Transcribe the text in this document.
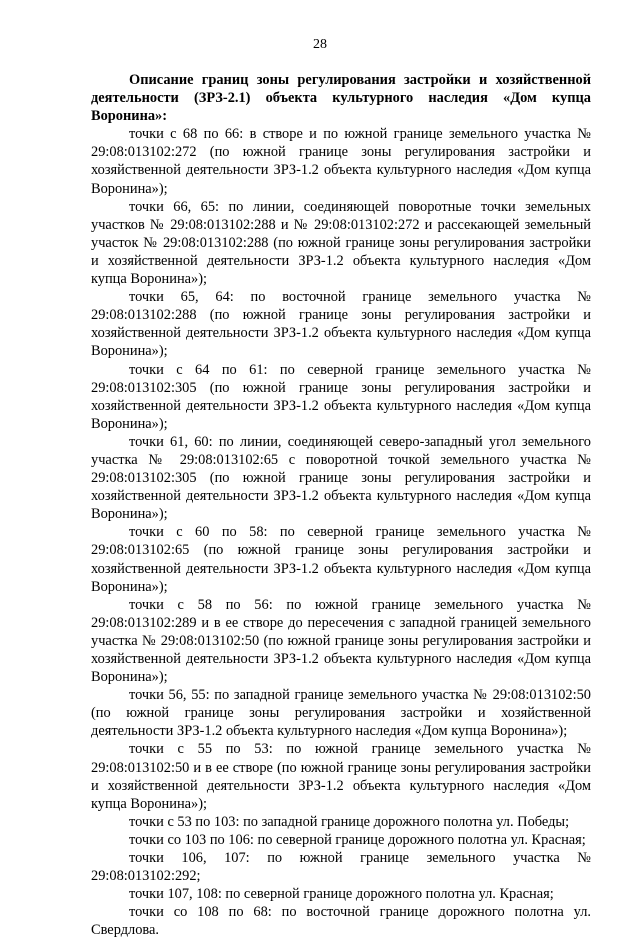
28

Описание границ зоны регулирования застройки и хозяйственной деятельности (ЗРЗ-2.1) объекта культурного наследия «Дом купца Воронина»:

точки с 68 по 66: в створе и по южной границе земельного участка № 29:08:013102:272 (по южной границе зоны регулирования застройки и хозяйственной деятельности ЗРЗ-1.2 объекта культурного наследия «Дом купца Воронина»);

точки 66, 65: по линии, соединяющей поворотные точки земельных участков № 29:08:013102:288 и № 29:08:013102:272 и рассекающей земельный участок № 29:08:013102:288 (по южной границе зоны регулирования застройки и хозяйственной деятельности ЗРЗ-1.2 объекта культурного наследия «Дом купца Воронина»);

точки 65, 64: по восточной границе земельного участка № 29:08:013102:288 (по южной границе зоны регулирования застройки и хозяйственной деятельности ЗРЗ-1.2 объекта культурного наследия «Дом купца Воронина»);

точки с 64 по 61: по северной границе земельного участка № 29:08:013102:305 (по южной границе зоны регулирования застройки и хозяйственной деятельности ЗРЗ-1.2 объекта культурного наследия «Дом купца Воронина»);

точки 61, 60: по линии, соединяющей северо-западный угол земельного участка № 29:08:013102:65 с поворотной точкой земельного участка № 29:08:013102:305 (по южной границе зоны регулирования застройки и хозяйственной деятельности ЗРЗ-1.2 объекта культурного наследия «Дом купца Воронина»);

точки с 60 по 58: по северной границе земельного участка № 29:08:013102:65 (по южной границе зоны регулирования застройки и хозяйственной деятельности ЗРЗ-1.2 объекта культурного наследия «Дом купца Воронина»);

точки с 58 по 56: по южной границе земельного участка № 29:08:013102:289 и в ее створе до пересечения с западной границей земельного участка № 29:08:013102:50 (по южной границе зоны регулирования застройки и хозяйственной деятельности ЗРЗ-1.2 объекта культурного наследия «Дом купца Воронина»);

точки 56, 55: по западной границе земельного участка № 29:08:013102:50 (по южной границе зоны регулирования застройки и хозяйственной деятельности ЗРЗ-1.2 объекта культурного наследия «Дом купца Воронина»);

точки с 55 по 53: по южной границе земельного участка № 29:08:013102:50 и в ее створе (по южной границе зоны регулирования застройки и хозяйственной деятельности ЗРЗ-1.2 объекта культурного наследия «Дом купца Воронина»);

точки с 53 по 103: по западной границе дорожного полотна ул. Победы;

точки со 103 по 106: по северной границе дорожного полотна ул. Красная;

точки 106, 107: по южной границе земельного участка № 29:08:013102:292;

точки 107, 108: по северной границе дорожного полотна ул. Красная;

точки со 108 по 68: по восточной границе дорожного полотна ул. Свердлова.
